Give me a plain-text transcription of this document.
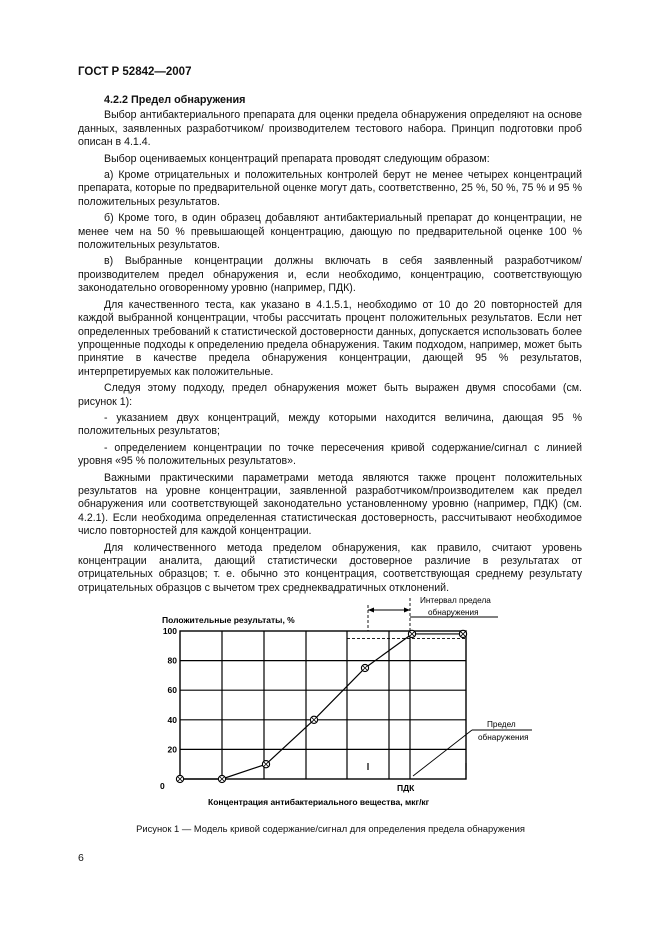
ГОСТ Р 52842—2007
4.2.2 Предел обнаружения

Выбор антибактериального препарата для оценки предела обнаружения определяют на основе данных, заявленных разработчиком/ производителем тестового набора. Принцип подготовки проб описан в 4.1.4.

Выбор оцениваемых концентраций препарата проводят следующим образом:

а) Кроме отрицательных и положительных контролей берут не менее четырех концентраций препарата, которые по предварительной оценке могут дать, соответственно, 25 %, 50 %, 75 % и 95 % положительных результатов.

б) Кроме того, в один образец добавляют антибактериальный препарат до концентрации, не менее чем на 50 % превышающей концентрацию, дающую по предварительной оценке 100 % положительных результатов.

в) Выбранные концентрации должны включать в себя заявленный разработчиком/производителем предел обнаружения и, если необходимо, концентрацию, соответствующую законодательно оговоренному уровню (например, ПДК).

Для качественного теста, как указано в 4.1.5.1, необходимо от 10 до 20 повторностей для каждой выбранной концентрации, чтобы рассчитать процент положительных результатов. Если нет определенных требований к статистической достоверности данных, допускается использовать более упрощенные подходы к определению предела обнаружения. Таким подходом, например, может быть принятие в качестве предела обнаружения концентрации, дающей 95 % результатов, интерпретируемых как положительные.

Следуя этому подходу, предел обнаружения может быть выражен двумя способами (см. рисунок 1):

- указанием двух концентраций, между которыми находится величина, дающая 95 % положительных результатов;

- определением концентрации по точке пересечения кривой содержание/сигнал с линией уровня «95 % положительных результатов».

Важными практическими параметрами метода являются также процент положительных результатов на уровне концентрации, заявленной разработчиком/производителем как предел обнаружения или соответствующей законодательно установленному уровню (например, ПДК) (см. 4.2.1). Если необходима определенная статистическая достоверность, рассчитывают необходимое число повторностей для каждой концентрации.

Для количественного метода пределом обнаружения, как правило, считают уровень концентрации аналита, дающий статистически достоверное различие в результатах от отрицательных образцов; т. е. обычно это концентрация, соответствующая среднему результату отрицательных образцов с вычетом трех среднеквадратичных отклонений.

100
80
60
40
20
Положительные результаты, %
Концентрация антибактериального вещества, мкг/кг
0	ПДК
Интервал предела
обнаружения
Предел
обнаружения
Рисунок 1 — Модель кривой содержание/сигнал для определения предела обнаружения
6
